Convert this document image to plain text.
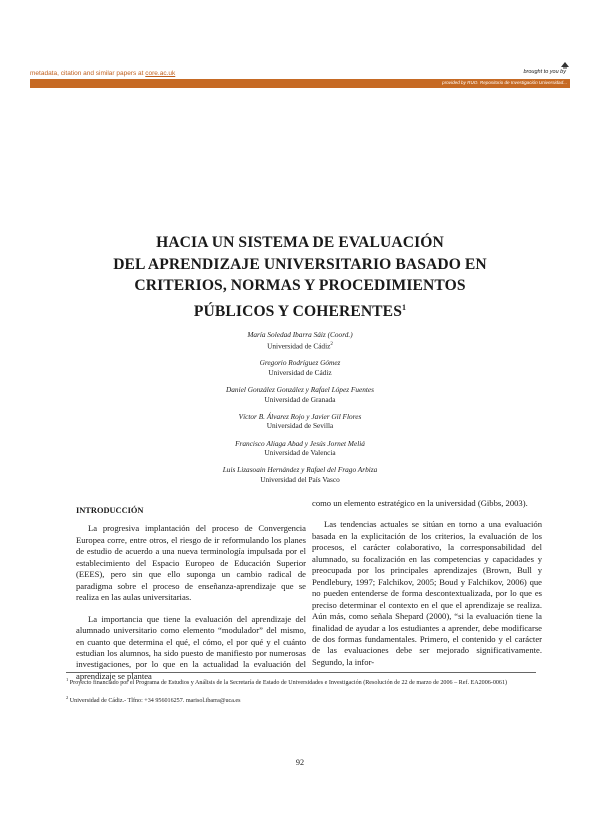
metadata, citation and similar papers at core.ac.uk	brought to you by
provided by RUO. Repositorio de Investigación Universidad...
HACIA UN SISTEMA DE EVALUACIÓN
DEL APRENDIZAJE UNIVERSITARIO BASADO EN
CRITERIOS, NORMAS Y PROCEDIMIENTOS
PÚBLICOS Y COHERENTES$^1$
María Soledad Ibarra Sáiz (Coord.)
Universidad de Cádiz$^2$
Gregorio Rodríguez Gómez
Universidad de Cádiz
Daniel González González y Rafael López Fuentes
Universidad de Granada
Víctor B. Álvarez Rojo y Javier Gil Flores
Universidad de Sevilla
Francisco Aliaga Abad y Jesús Jornet Meliá
Universidad de Valencia
Luis Lizasoain Hernández y Rafael del Frago Arbiza
Universidad del País Vasco
INTRODUCCIÓN

La progresiva implantación del proceso de Convergencia Europea corre, entre otros, el riesgo de ir reformulando los planes de estudio de acuerdo a una nueva terminología impulsada por el establecimiento del Espacio Europeo de Educación Superior (EEES), pero sin que ello suponga un cambio radical de paradigma sobre el proceso de enseñanza-aprendizaje que se realiza en las aulas universitarias.

La importancia que tiene la evaluación del aprendizaje del alumnado universitario como elemento “modulador” del mismo, en cuanto que determina el qué, el cómo, el por qué y el cuánto estudian los alumnos, ha sido puesto de manifiesto por numerosas investigaciones, por lo que en la actualidad la evaluación del aprendizaje se plantea

como un elemento estratégico en la universidad (Gibbs, 2003).

Las tendencias actuales se sitúan en torno a una evaluación basada en la explicitación de los criterios, la evaluación de los procesos, el carácter colaborativo, la corresponsabilidad del alumnado, su focalización en las competencias y capacidades y preocupada por los principales aprendizajes (Brown, Bull y Pendlebury, 1997; Falchikov, 2005; Boud y Falchikov, 2006) que no pueden entenderse de forma descontextualizada, por lo que es preciso determinar el contexto en el que el aprendizaje se realiza. Aún más, como señala Shepard (2000), “si la evaluación tiene la finalidad de ayudar a los estudiantes a aprender, debe modificarse de dos formas fundamentales. Primero, el contenido y el carácter de las evaluaciones debe ser mejorado significativamente. Segundo, la infor-

$^1$ Proyecto financiado por el Programa de Estudios y Análisis de la Secretaría de Estado de Universidades e Investigación (Resolución de 22 de marzo de 2006 – Ref. EA2006-0061)
$^2$ Universidad de Cádiz.- Tlfno: +34 956016257. marisol.ibarra@uca.es
92
